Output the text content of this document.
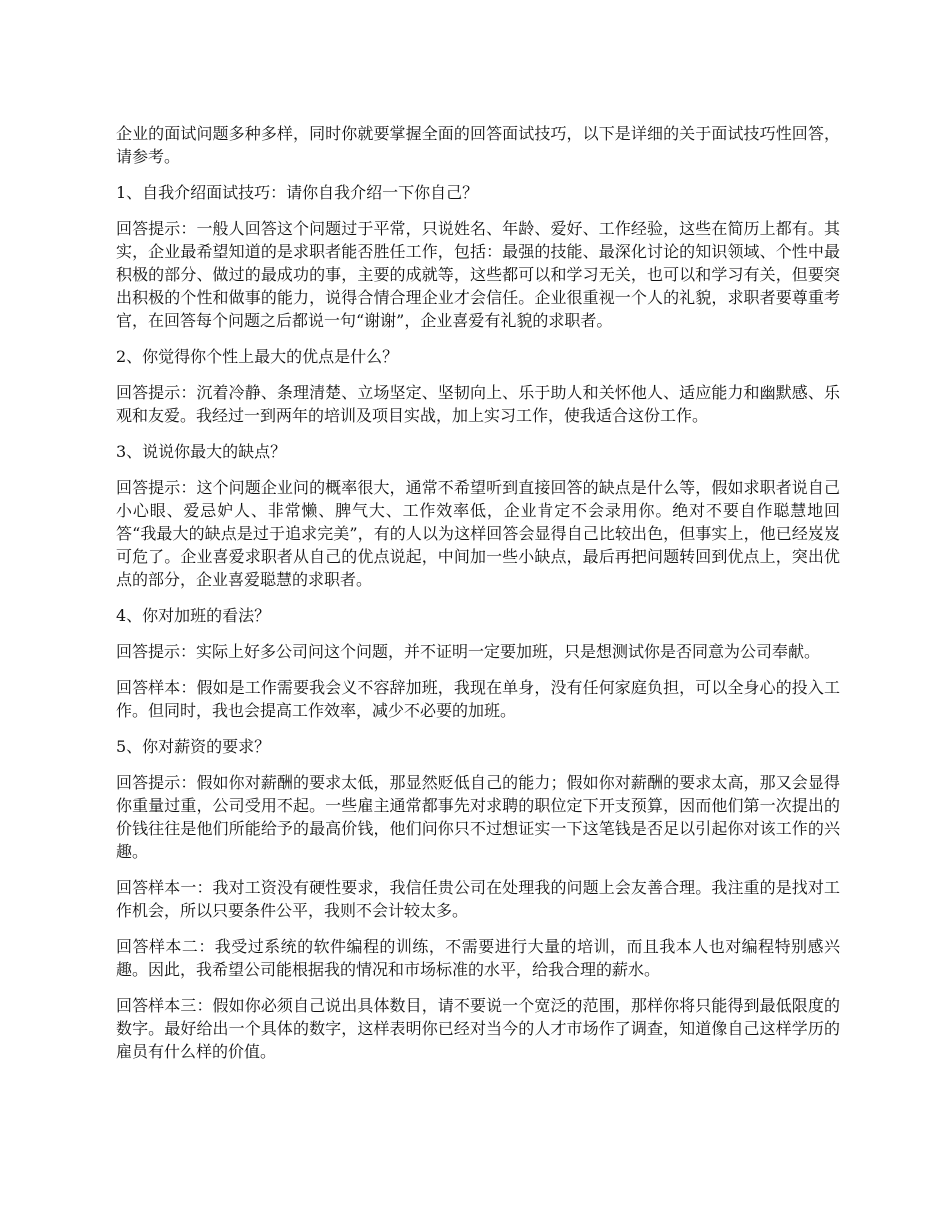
企业的面试问题多种多样，同时你就要掌握全面的回答面试技巧，以下是详细的关于面试技巧性回答，请参考。

1、自我介绍面试技巧：请你自我介绍一下你自己？

回答提示：一般人回答这个问题过于平常，只说姓名、年龄、爱好、工作经验，这些在简历上都有。其实，企业最希望知道的是求职者能否胜任工作，包括：最强的技能、最深化讨论的知识领域、个性中最积极的部分、做过的最成功的事，主要的成就等，这些都可以和学习无关，也可以和学习有关，但要突出积极的个性和做事的能力，说得合情合理企业才会信任。企业很重视一个人的礼貌，求职者要尊重考官，在回答每个问题之后都说一句“谢谢”，企业喜爱有礼貌的求职者。

2、你觉得你个性上最大的优点是什么？

回答提示：沉着冷静、条理清楚、立场坚定、坚韧向上、乐于助人和关怀他人、适应能力和幽默感、乐观和友爱。我经过一到两年的培训及项目实战，加上实习工作，使我适合这份工作。

3、说说你最大的缺点？

回答提示：这个问题企业问的概率很大，通常不希望听到直接回答的缺点是什么等，假如求职者说自己小心眼、爱忌妒人、非常懒、脾气大、工作效率低，企业肯定不会录用你。绝对不要自作聪慧地回答“我最大的缺点是过于追求完美”，有的人以为这样回答会显得自己比较出色，但事实上，他已经岌岌可危了。企业喜爱求职者从自己的优点说起，中间加一些小缺点，最后再把问题转回到优点上，突出优点的部分，企业喜爱聪慧的求职者。

4、你对加班的看法？

回答提示：实际上好多公司问这个问题，并不证明一定要加班，只是想测试你是否同意为公司奉献。

回答样本：假如是工作需要我会义不容辞加班，我现在单身，没有任何家庭负担，可以全身心的投入工作。但同时，我也会提高工作效率，减少不必要的加班。

5、你对薪资的要求？

回答提示：假如你对薪酬的要求太低，那显然贬低自己的能力；假如你对薪酬的要求太高，那又会显得你重量过重，公司受用不起。一些雇主通常都事先对求聘的职位定下开支预算，因而他们第一次提出的价钱往往是他们所能给予的最高价钱，他们问你只不过想证实一下这笔钱是否足以引起你对该工作的兴趣。

回答样本一：我对工资没有硬性要求，我信任贵公司在处理我的问题上会友善合理。我注重的是找对工作机会，所以只要条件公平，我则不会计较太多。

回答样本二：我受过系统的软件编程的训练，不需要进行大量的培训，而且我本人也对编程特别感兴趣。因此，我希望公司能根据我的情况和市场标准的水平，给我合理的薪水。

回答样本三：假如你必须自己说出具体数目，请不要说一个宽泛的范围，那样你将只能得到最低限度的数字。最好给出一个具体的数字，这样表明你已经对当今的人才市场作了调查，知道像自己这样学历的雇员有什么样的价值。
